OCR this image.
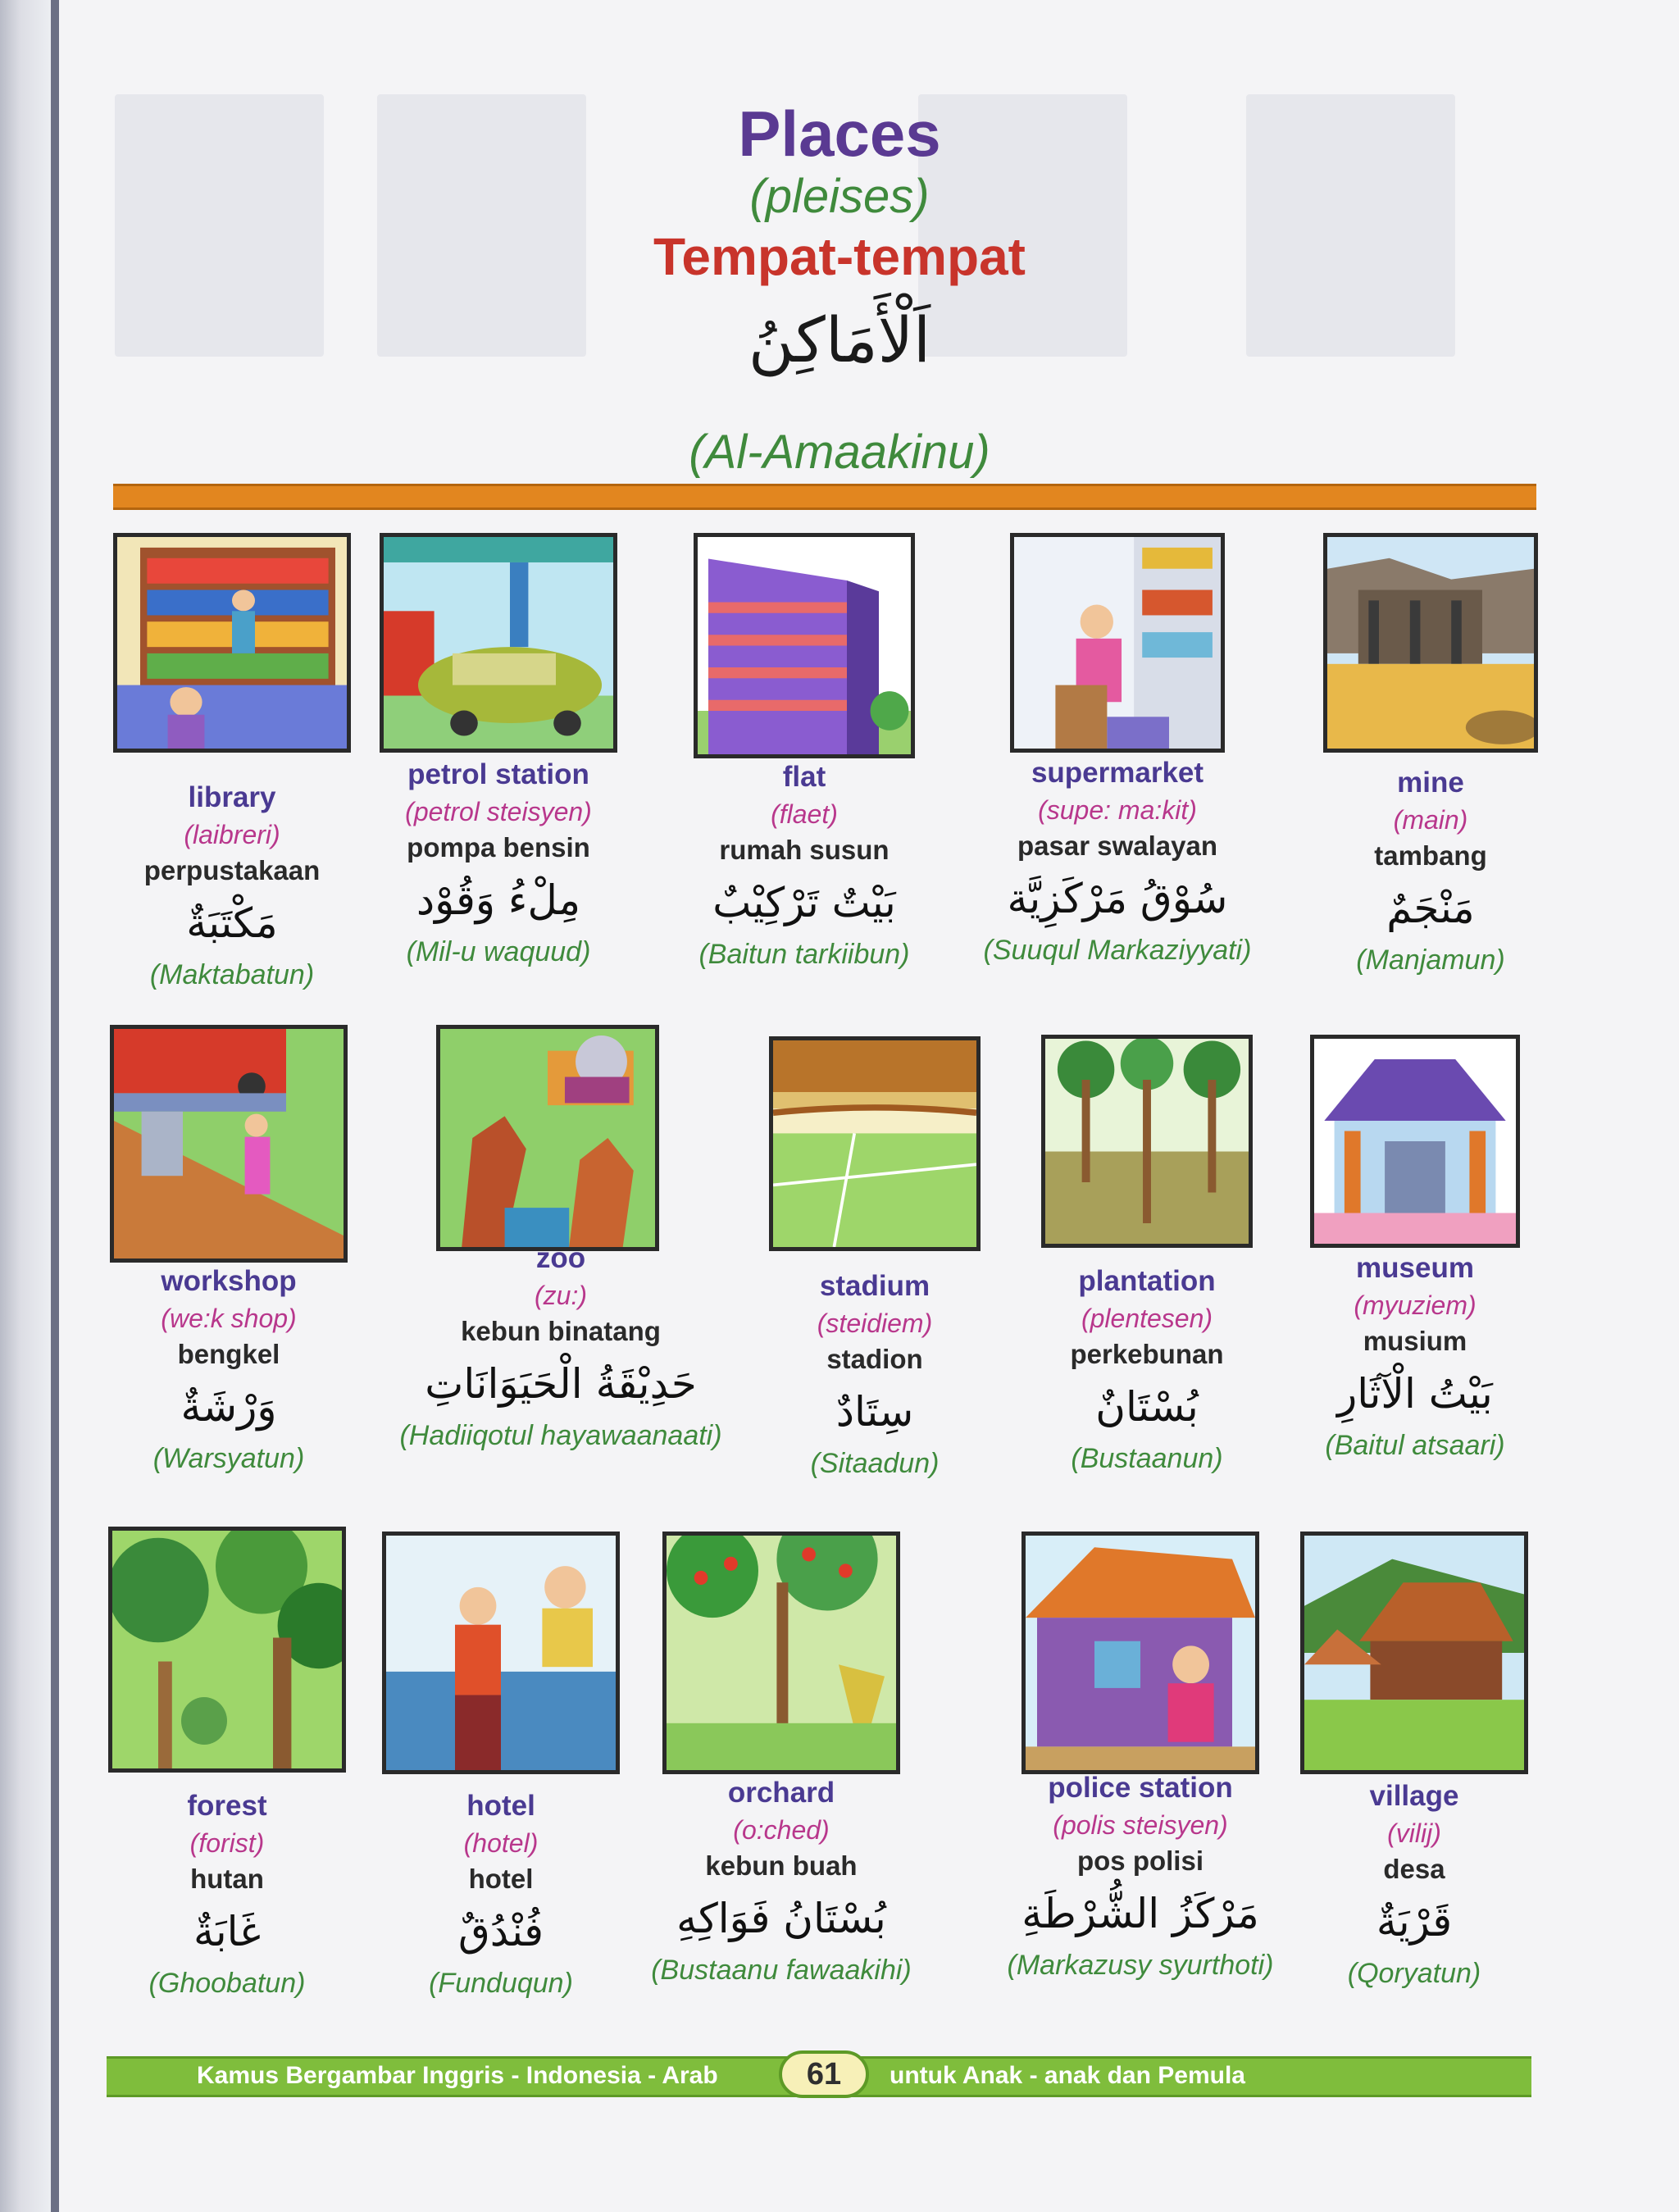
Places
(pleises)
Tempat-tempat
اَلْأَمَاكِنُ
(Al-Amaakinu)
library
(laibreri)
perpustakaan
مَكْتَبَةٌ
(Maktabatun)
petrol station
(petrol steisyen)
pompa bensin
مِلْءُ وَقُوْد
(Mil-u waquud)
flat
(flaet)
rumah susun
بَيْتٌ تَرْكِيْبٌ
(Baitun tarkiibun)
supermarket
(supe: ma:kit)
pasar swalayan
سُوْقُ مَرْكَزِيَّة
(Suuqul Markaziyyati)
mine
(main)
tambang
مَنْجَمٌ
(Manjamun)
workshop
(we:k shop)
bengkel
وَرْشَةٌ
(Warsyatun)
zoo
(zu:)
kebun binatang
حَدِيْقَةُ الْحَيَوَانَاتِ
(Hadiiqotul hayawaanaati)
stadium
(steidiem)
stadion
سِتَادٌ
(Sitaadun)
plantation
(plentesen)
perkebunan
بُسْتَانٌ
(Bustaanun)
museum
(myuziem)
musium
بَيْتُ الْآثَارِ
(Baitul atsaari)
forest
(forist)
hutan
غَابَةٌ
(Ghoobatun)
hotel
(hotel)
hotel
فُنْدُقٌ
(Funduqun)
orchard
(o:ched)
kebun buah
بُسْتَانُ فَوَاكِهِ
(Bustaanu fawaakihi)
police station
(polis steisyen)
pos polisi
مَرْكَزُ الشُّرْطَةِ
(Markazusy syurthoti)
village
(vilij)
desa
قَرْيَةٌ
(Qoryatun)
Kamus Bergambar Inggris - Indonesia - Arab	61	untuk Anak - anak dan Pemula
